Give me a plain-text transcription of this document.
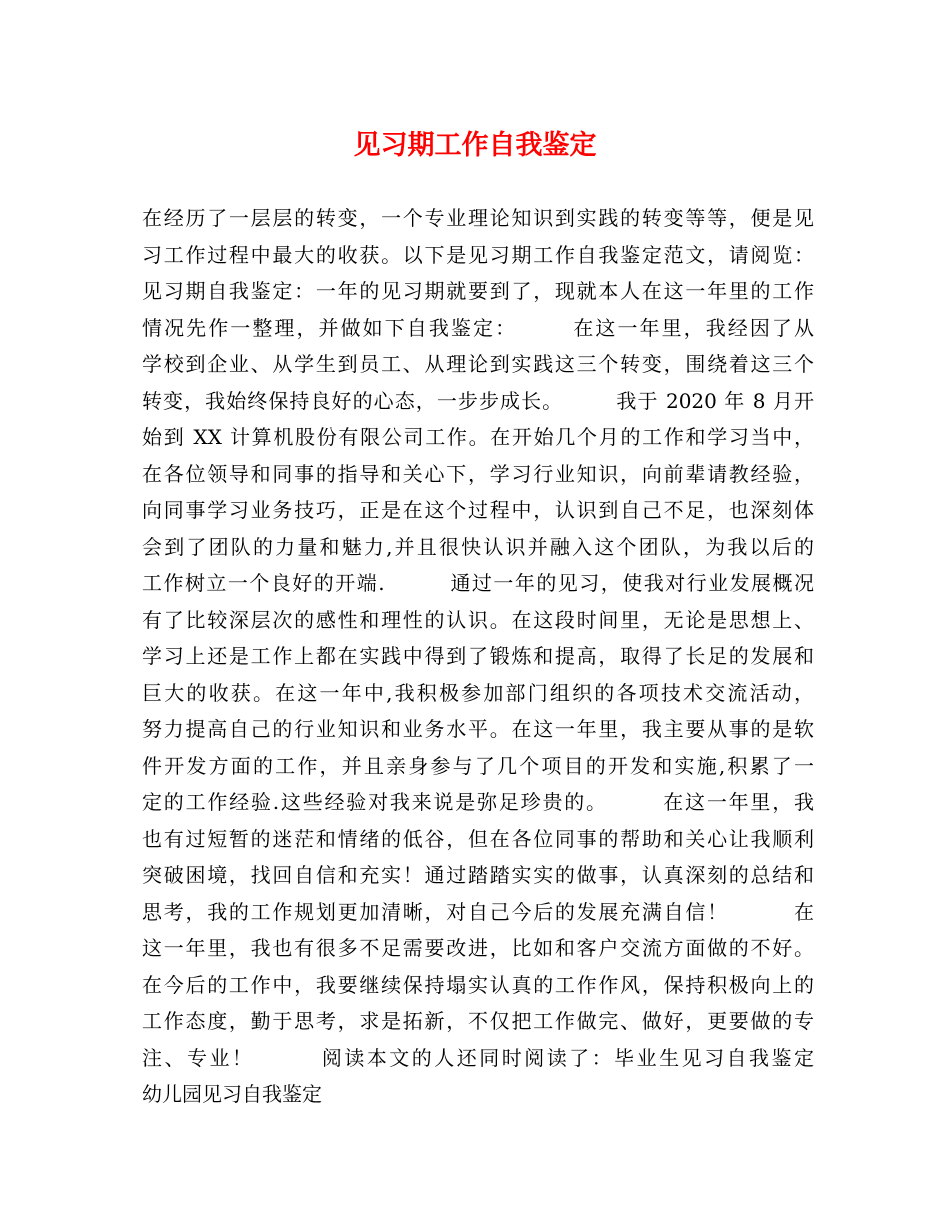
见习期工作自我鉴定
在经历了一层层的转变，一个专业理论知识到实践的转变等等，便是见
习工作过程中最大的收获。以下是见习期工作自我鉴定范文，请阅览：
见习期自我鉴定：一年的见习期就要到了，现就本人在这一年里的工作
情况先作一整理，并做如下自我鉴定：　　　在这一年里，我经因了从
学校到企业、从学生到员工、从理论到实践这三个转变，围绕着这三个
转变，我始终保持良好的心态，一步步成长。　　　我于 2020 年 8 月开
始到 XX 计算机股份有限公司工作。在开始几个月的工作和学习当中，
在各位领导和同事的指导和关心下，学习行业知识，向前辈请教经验，
向同事学习业务技巧，正是在这个过程中，认识到自己不足，也深刻体
会到了团队的力量和魅力,并且很快认识并融入这个团队，为我以后的
工作树立一个良好的开端.　　　通过一年的见习，使我对行业发展概况
有了比较深层次的感性和理性的认识。在这段时间里，无论是思想上、
学习上还是工作上都在实践中得到了锻炼和提高，取得了长足的发展和
巨大的收获。在这一年中,我积极参加部门组织的各项技术交流活动，
努力提高自己的行业知识和业务水平。在这一年里，我主要从事的是软
件开发方面的工作，并且亲身参与了几个项目的开发和实施,积累了一
定的工作经验.这些经验对我来说是弥足珍贵的。　　　在这一年里，我
也有过短暂的迷茫和情绪的低谷，但在各位同事的帮助和关心让我顺利
突破困境，找回自信和充实！通过踏踏实实的做事，认真深刻的总结和
思考，我的工作规划更加清晰，对自己今后的发展充满自信！　　　在
这一年里，我也有很多不足需要改进，比如和客户交流方面做的不好。
在今后的工作中，我要继续保持塌实认真的工作作风，保持积极向上的
工作态度，勤于思考，求是拓新，不仅把工作做完、做好，更要做的专
注、专业！　　　阅读本文的人还同时阅读了：毕业生见习自我鉴定
幼儿园见习自我鉴定
